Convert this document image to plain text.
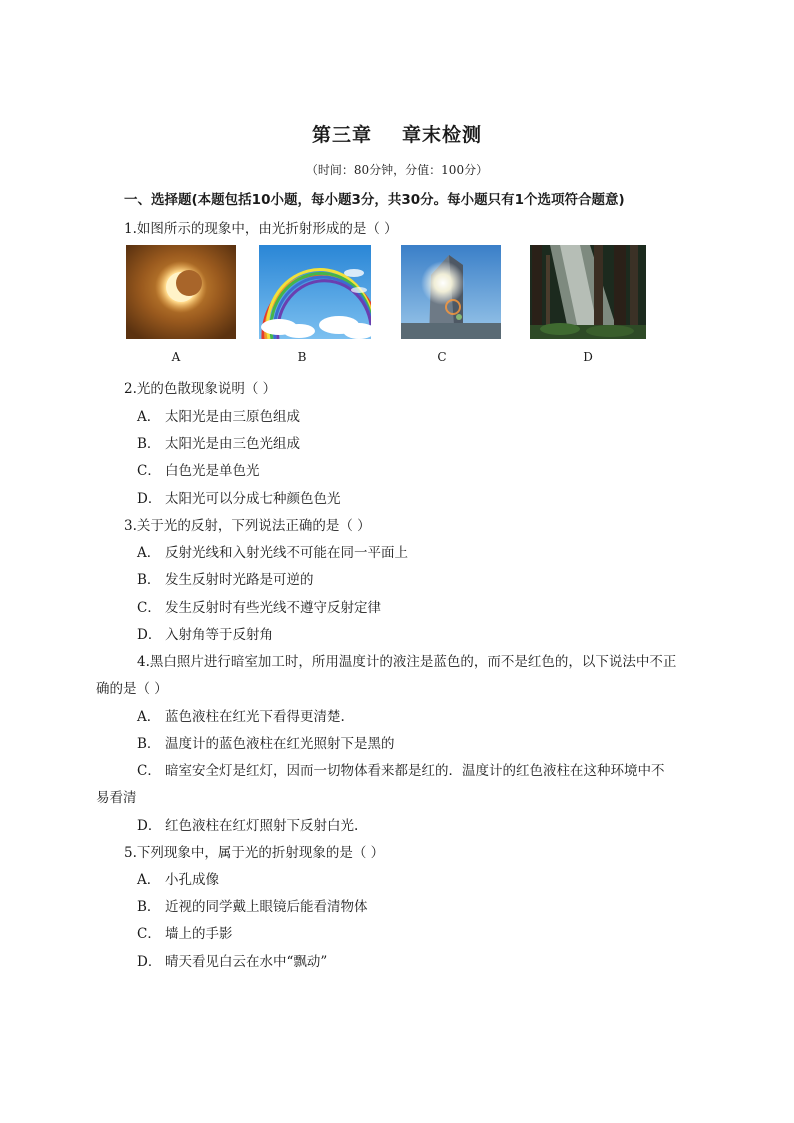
第三章 章末检测
（时间：80分钟，分值：100分）
一、选择题(本题包括10小题，每小题3分，共30分。每小题只有1个选项符合题意)
1.如图所示的现象中，由光折射形成的是（ ）
A	B	C	D
2.光的色散现象说明（ ）
A． 太阳光是由三原色组成
B． 太阳光是由三色光组成
C． 白色光是单色光
D． 太阳光可以分成七种颜色色光
3.关于光的反射，下列说法正确的是（ ）
A． 反射光线和入射光线不可能在同一平面上
B． 发生反射时光路是可逆的
C． 发生反射时有些光线不遵守反射定律
D． 入射角等于反射角
4.黑白照片进行暗室加工时，所用温度计的液注是蓝色的，而不是红色的，以下说法中不正
确的是（ ）
A． 蓝色液柱在红光下看得更清楚.
B． 温度计的蓝色液柱在红光照射下是黑的
C． 暗室安全灯是红灯，因而一切物体看来都是红的．温度计的红色液柱在这种环境中不
易看清
D． 红色液柱在红灯照射下反射白光.
5.下列现象中，属于光的折射现象的是（ ）
A． 小孔成像
B． 近视的同学戴上眼镜后能看清物体
C． 墙上的手影
D． 晴天看见白云在水中“飘动”
